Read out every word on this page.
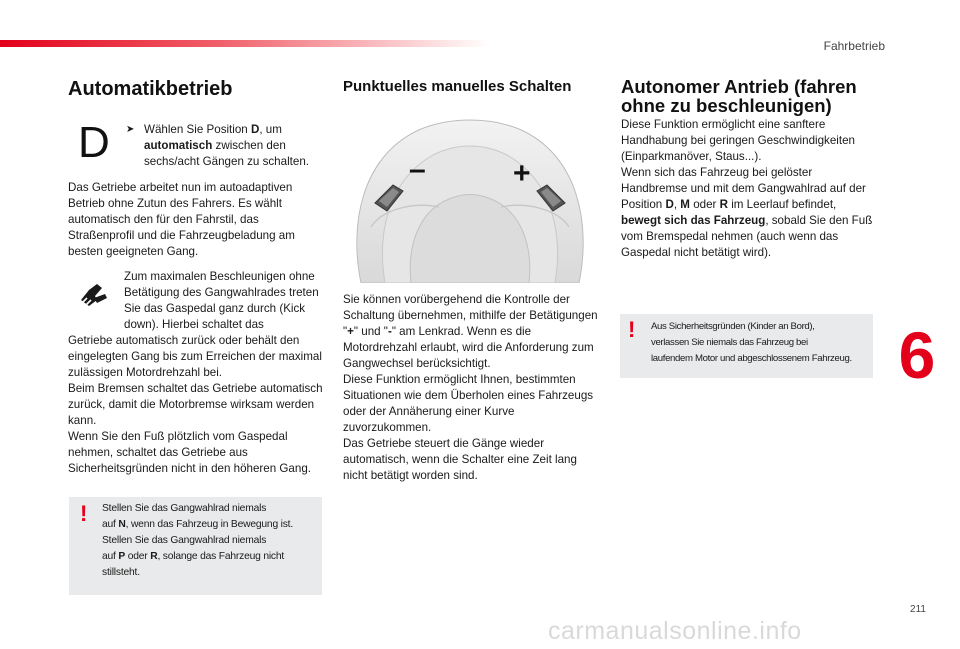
Fahrbetrieb
Automatikbetrieb
D ➤ Wählen Sie Position D, um automatisch zwischen den sechs/acht Gängen zu schalten.
Das Getriebe arbeitet nun im autoadaptiven Betrieb ohne Zutun des Fahrers. Es wählt automatisch den für den Fahrstil, das Straßenprofil und die Fahrzeugbeladung am besten geeigneten Gang.
Zum maximalen Beschleunigen ohne Betätigung des Gangwahlrades treten Sie das Gaspedal ganz durch (Kick down). Hierbei schaltet das
Getriebe automatisch zurück oder behält den eingelegten Gang bis zum Erreichen der maximal zulässigen Motordrehzahl bei.
Beim Bremsen schaltet das Getriebe automatisch zurück, damit die Motorbremse wirksam werden kann.
Wenn Sie den Fuß plötzlich vom Gaspedal nehmen, schaltet das Getriebe aus Sicherheitsgründen nicht in den höheren Gang.
! Stellen Sie das Gangwahlrad niemals
auf N, wenn das Fahrzeug in Bewegung ist.
Stellen Sie das Gangwahlrad niemals
auf P oder R, solange das Fahrzeug nicht
stillsteht.
Punktuelles manuelles Schalten
–	+
Sie können vorübergehend die Kontrolle der Schaltung übernehmen, mithilfe der Betätigungen "+" und "-" am Lenkrad. Wenn es die Motordrehzahl erlaubt, wird die Anforderung zum Gangwechsel berücksichtigt.
Diese Funktion ermöglicht Ihnen, bestimmten Situationen wie dem Überholen eines Fahrzeugs oder der Annäherung einer Kurve zuvorzukommen.
Das Getriebe steuert die Gänge wieder automatisch, wenn die Schalter eine Zeit lang nicht betätigt worden sind.
Autonomer Antrieb (fahren ohne zu beschleunigen)
Diese Funktion ermöglicht eine sanftere Handhabung bei geringen Geschwindigkeiten (Einparkmanöver, Staus...).
Wenn sich das Fahrzeug bei gelöster Handbremse und mit dem Gangwahlrad auf der Position D, M oder R im Leerlauf befindet, bewegt sich das Fahrzeug, sobald Sie den Fuß vom Bremspedal nehmen (auch wenn das Gaspedal nicht betätigt wird).
! Aus Sicherheitsgründen (Kinder an Bord),
verlassen Sie niemals das Fahrzeug bei
laufendem Motor und abgeschlossenem Fahrzeug. 6
211
carmanualsonline.info
